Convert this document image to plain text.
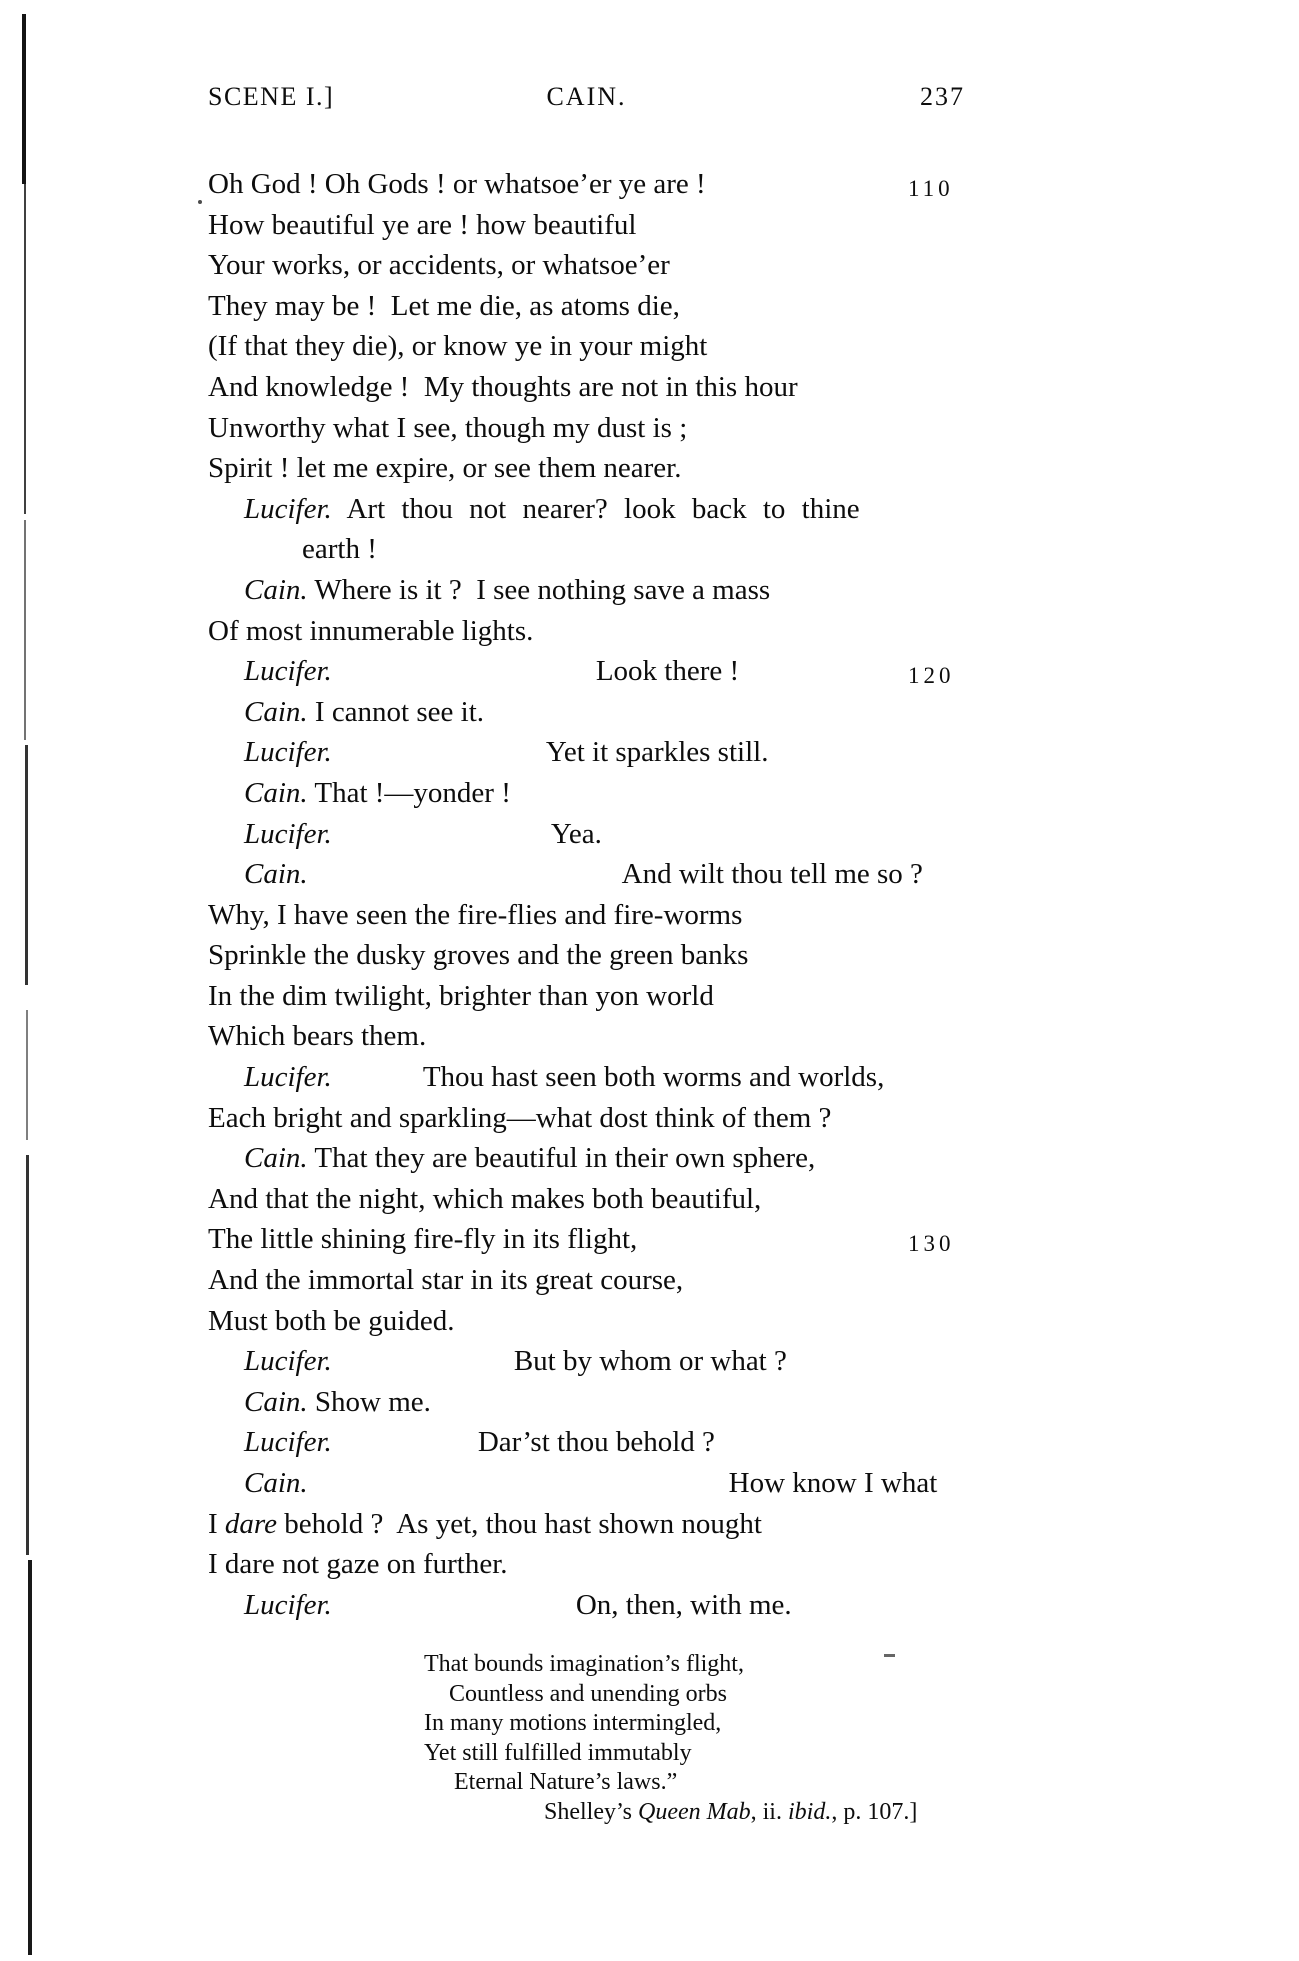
SCENE I.]	CAIN.	237
Oh God ! Oh Gods ! or whatsoe’er ye are !	110
How beautiful ye are ! how beautiful
Your works, or accidents, or whatsoe’er
They may be !  Let me die, as atoms die,
(If that they die), or know ye in your might
And knowledge !  My thoughts are not in this hour
Unworthy what I see, though my dust is ;
Spirit ! let me expire, or see them nearer.
Lucifer. Art thou not nearer? look back to thine
earth !
Cain. Where is it ?  I see nothing save a mass
Of most innumerable lights.
Lucifer.	Look there !	120
Cain. I cannot see it.
Lucifer.	Yet it sparkles still.
Cain. That !—yonder !
Lucifer.	Yea.
Cain.	And wilt thou tell me so ?
Why, I have seen the fire-flies and fire-worms
Sprinkle the dusky groves and the green banks
In the dim twilight, brighter than yon world
Which bears them.
Lucifer.	Thou hast seen both worms and worlds,
Each bright and sparkling—what dost think of them ?
Cain. That they are beautiful in their own sphere,
And that the night, which makes both beautiful,
The little shining fire-fly in its flight,	130
And the immortal star in its great course,
Must both be guided.
Lucifer.	But by whom or what ?
Cain. Show me.
Lucifer.	Dar’st thou behold ?
Cain.	How know I what
I dare behold ?  As yet, thou hast shown nought
I dare not gaze on further.
Lucifer.	On, then, with me.
That bounds imagination’s flight,
Countless and unending orbs
In many motions intermingled,
Yet still fulfilled immutably
Eternal Nature’s laws.”
Shelley’s Queen Mab, ii. ibid., p. 107.]
